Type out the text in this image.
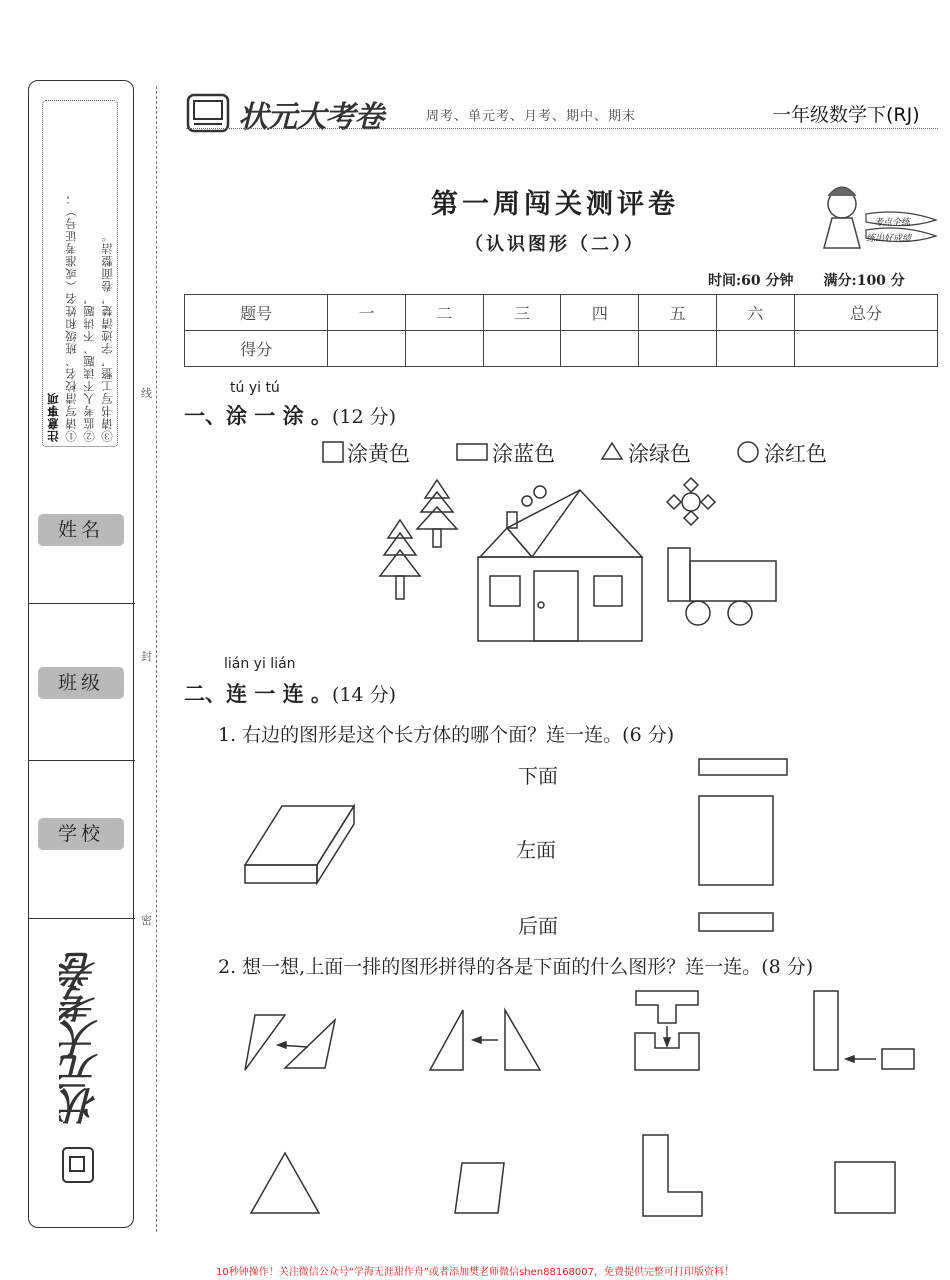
注意事项 ①请写清校名、班级和姓名（或准考证号）； ②监考人不读题、不讲题， ③请书写工整，字迹清楚，卷面整洁。
姓名
班级
学校
状元大考卷
线
封
密
状元大考卷	周考、单元考、月考、期中、期末	一年级数学下(RJ)
考点全练
练出好成绩
第一周闯关测评卷
（认识图形（二））
时间:60 分钟 满分:100 分
题号	一	二	三	四	五	六	总分
得分							
tú yi tú
一、涂 一 涂 。(12 分)
涂黄色	涂蓝色	涂绿色	涂红色
lián yi lián
二、连 一 连 。(14 分)
1. 右边的图形是这个长方体的哪个面？连一连。(6 分)
下面
左面
后面
2. 想一想,上面一排的图形拼得的各是下面的什么图形？连一连。(8 分)
10秒钟操作！关注微信公众号“学海无涯甜作舟”或者添加樊老师微信shen88168007，免费提供完整可打印版资料！
